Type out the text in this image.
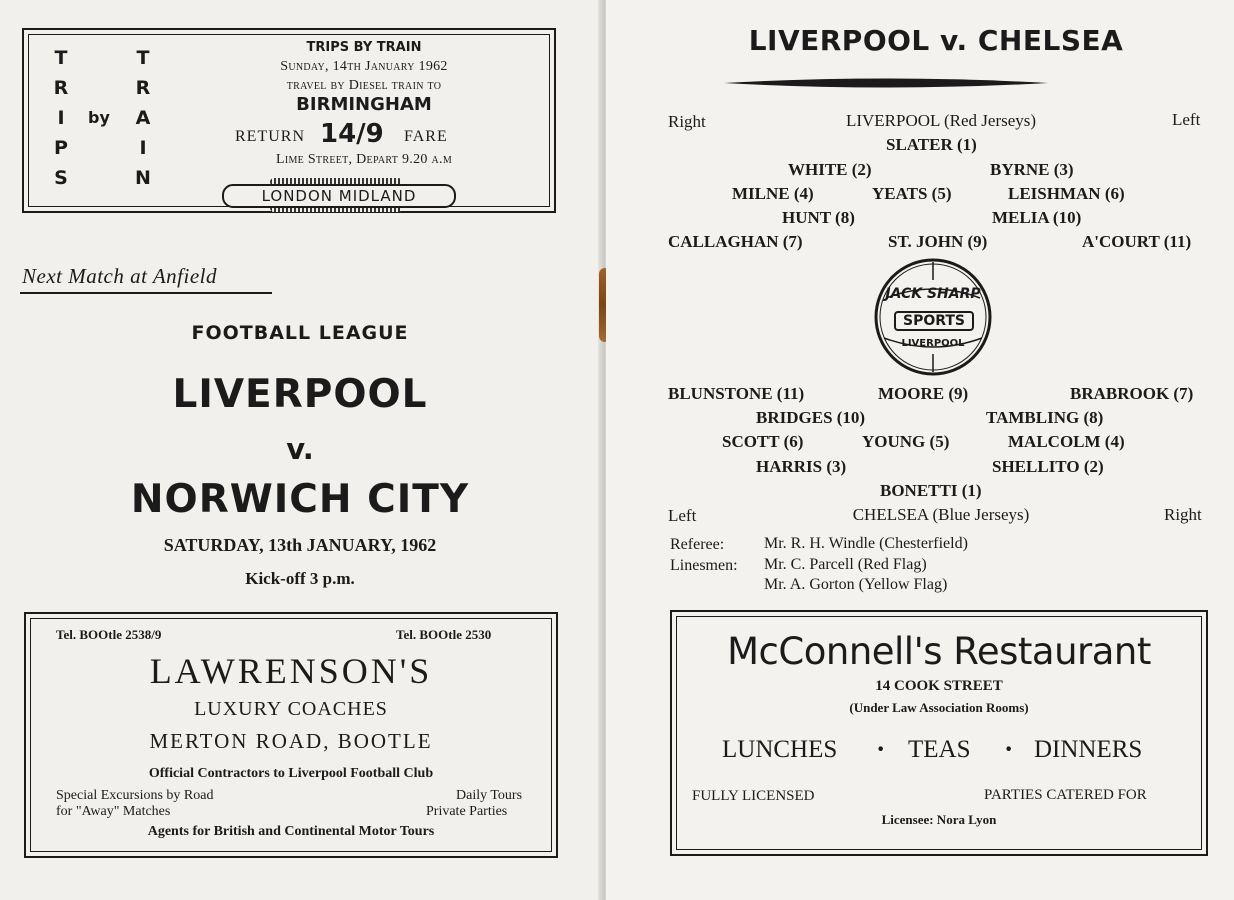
T
R
I
P
S
by
T
R
A
I
N
TRIPS BY TRAIN
Sunday, 14th January 1962
travel by Diesel train to
BIRMINGHAM
RETURN 14/9 FARE
Lime Street, Depart 9.20 a.m
LONDON MIDLAND
Next Match at Anfield
FOOTBALL LEAGUE
LIVERPOOL
v.
NORWICH CITY
SATURDAY, 13th JANUARY, 1962
Kick-off 3 p.m.
Tel. BOOtle 2538/9	Tel. BOOtle 2530
LAWRENSON'S
LUXURY COACHES
MERTON ROAD, BOOTLE
Official Contractors to Liverpool Football Club
Special Excursions by Road
for "Away" Matches
Daily Tours
Private Parties
Agents for British and Continental Motor Tours
LIVERPOOL v. CHELSEA
Right	Left
LIVERPOOL (Red Jerseys)
SLATER (1)
WHITE (2)	BYRNE (3)
MILNE (4)	YEATS (5)	LEISHMAN (6)
HUNT (8)	MELIA (10)
CALLAGHAN (7)	ST. JOHN (9)	A'COURT (11)
JACK SHARP
SPORTS
LIVERPOOL
BLUNSTONE (11)	MOORE (9)	BRABROOK (7)
BRIDGES (10)	TAMBLING (8)
SCOTT (6)	YOUNG (5)	MALCOLM (4)
HARRIS (3)	SHELLITO (2)
BONETTI (1)
Left	Right
CHELSEA (Blue Jerseys)
Referee: Mr. R. H. Windle (Chesterfield)
Linesmen: Mr. C. Parcell (Red Flag)
Mr. A. Gorton (Yellow Flag)
McConnell's Restaurant
14 COOK STREET
(Under Law Association Rooms)
LUNCHES · TEAS · DINNERS
FULLY LICENSED	PARTIES CATERED FOR
Licensee: Nora Lyon
